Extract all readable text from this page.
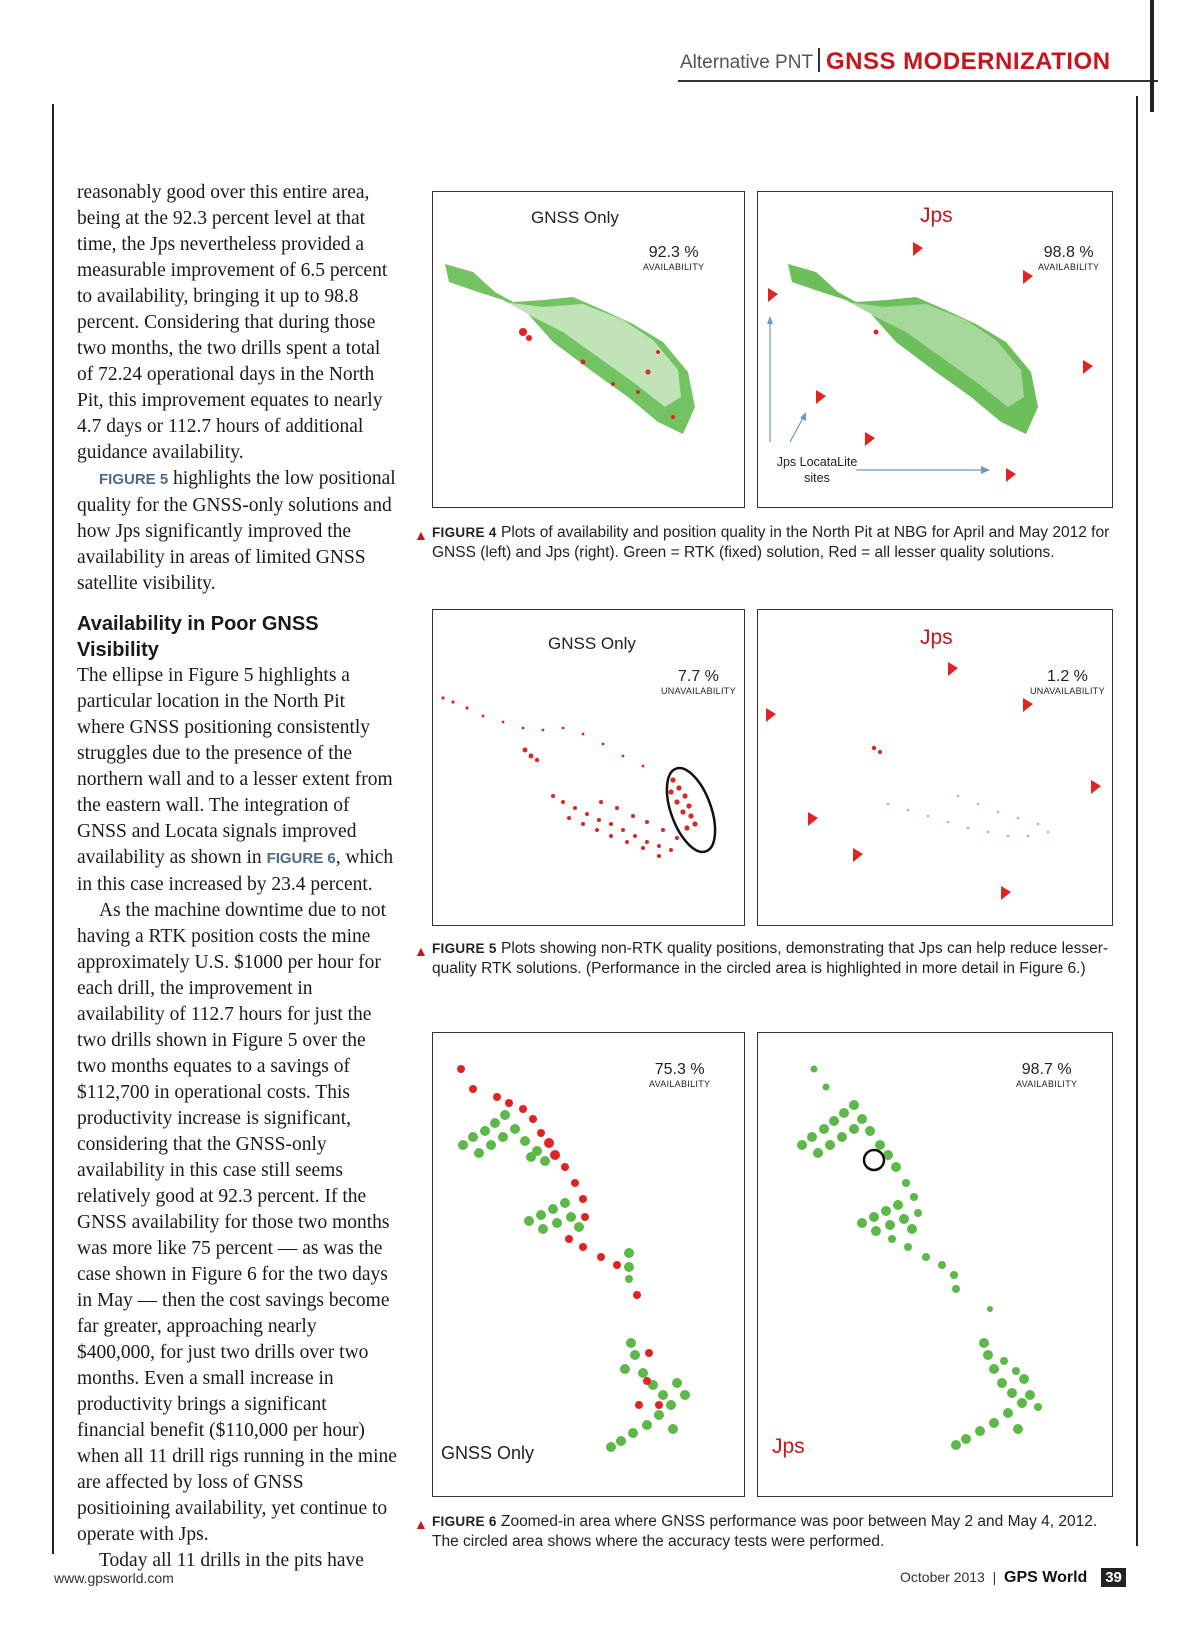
Alternative PNT GNSS MODERNIZATION

reasonably good over this entire area, being at the 92.3 percent level at that time, the Jps nevertheless provided a measurable improvement of 6.5 percent to availability, bringing it up to 98.8 percent. Considering that during those two months, the two drills spent a total of 72.24 operational days in the North Pit, this improvement equates to nearly 4.7 days or 112.7 hours of additional guidance availability.

FIGURE 5 highlights the low positional quality for the GNSS-only solutions and how Jps significantly improved the availability in areas of limited GNSS satellite visibility.

Availability in Poor GNSS Visibility

The ellipse in Figure 5 highlights a particular location in the North Pit where GNSS positioning consistently struggles due to the presence of the northern wall and to a lesser extent from the eastern wall. The integration of GNSS and Locata signals improved availability as shown in FIGURE 6, which in this case increased by 23.4 percent.

As the machine downtime due to not having a RTK position costs the mine approximately U.S. $1000 per hour for each drill, the improvement in availability of 112.7 hours for just the two drills shown in Figure 5 over the two months equates to a savings of $112,700 in operational costs. This productivity increase is significant, considering that the GNSS-only availability in this case still seems relatively good at 92.3 percent. If the GNSS availability for those two months was more like 75 percent — as was the case shown in Figure 6 for the two days in May — then the cost savings become far greater, approaching nearly $400,000, for just two drills over two months. Even a small increase in productivity brings a significant financial benefit ($110,000 per hour) when all 11 drill rigs running in the mine are affected by loss of GNSS positioining availability, yet continue to operate with Jps.

Today all 11 drills in the pits have

GNSS Only
92.3 %
AVAILABILITY
Jps
98.8 %
AVAILABILITY
Jps LocataLite sites
▲ FIGURE 4 Plots of availability and position quality in the North Pit at NBG for April and May 2012 for GNSS (left) and Jps (right). Green = RTK (fixed) solution, Red = all lesser quality solutions.
GNSS Only
7.7 %
UNAVAILABILITY
Jps
1.2 %
UNAVAILABILITY
▲ FIGURE 5 Plots showing non-RTK quality positions, demonstrating that Jps can help reduce lesser-quality RTK solutions. (Performance in the circled area is highlighted in more detail in Figure 6.)
75.3 %
AVAILABILITY
GNSS Only
98.7 %
AVAILABILITY
Jps
▲ FIGURE 6 Zoomed-in area where GNSS performance was poor between May 2 and May 4, 2012. The circled area shows where the accuracy tests were performed.
www.gpsworld.com	October 2013  |  GPS World 39
